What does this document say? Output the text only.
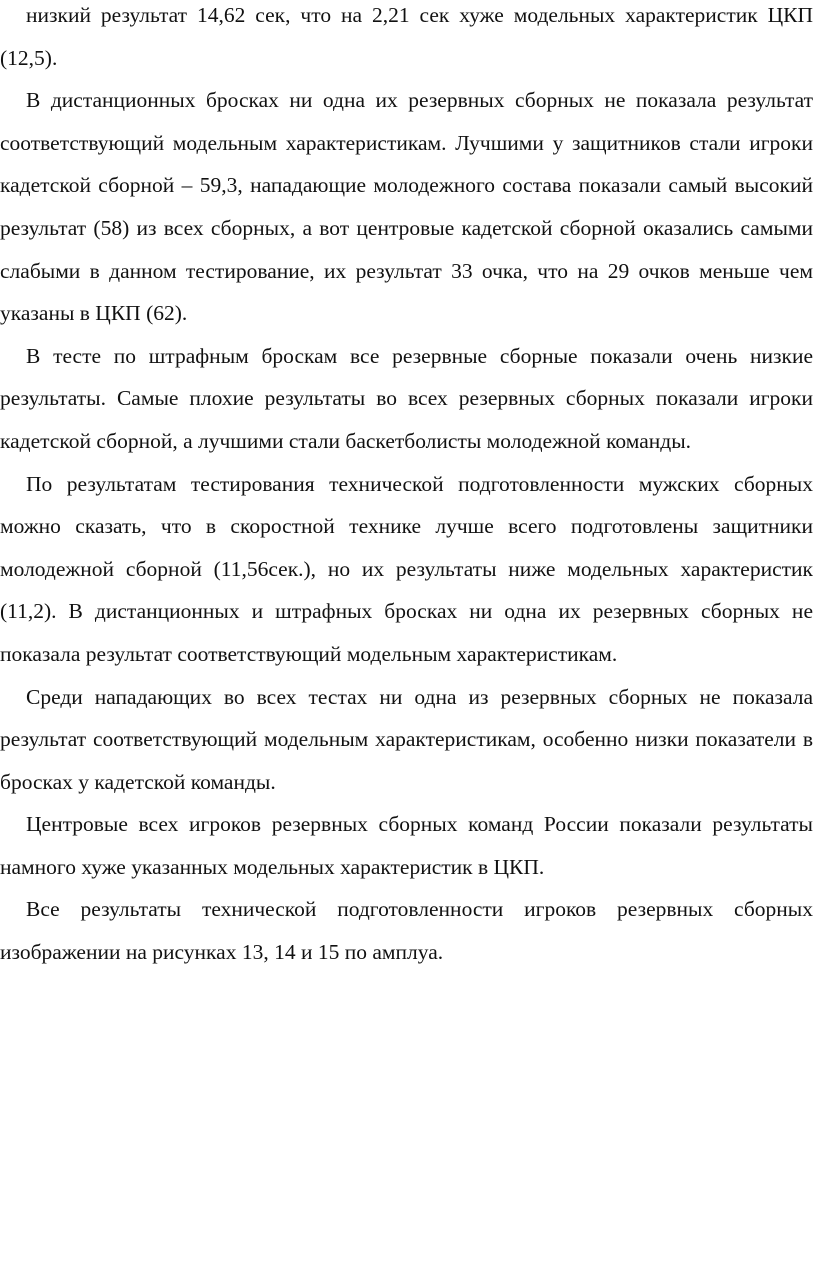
низкий результат 14,62 сек, что на 2,21 сек хуже модельных характеристик ЦКП (12,5).

В дистанционных бросках ни одна их резервных сборных не показала результат соответствующий модельным характеристикам. Лучшими у защитников стали игроки кадетской сборной – 59,3, нападающие молодежного состава показали самый высокий результат (58) из всех сборных, а вот центровые кадетской сборной оказались самыми слабыми в данном тестирование, их результат 33 очка, что на 29 очков меньше чем указаны в ЦКП (62).

В тесте по штрафным броскам все резервные сборные показали очень низкие результаты. Самые плохие результаты во всех резервных сборных показали игроки кадетской сборной, а лучшими стали баскетболисты молодежной команды.

По результатам тестирования технической подготовленности мужских сборных можно сказать, что в скоростной технике лучше всего подготовлены защитники молодежной сборной (11,56сек.), но их результаты ниже модельных характеристик (11,2). В дистанционных и штрафных бросках ни одна их резервных сборных не показала результат соответствующий модельным характеристикам.

Среди нападающих во всех тестах ни одна из резервных сборных не показала результат соответствующий модельным характеристикам, особенно низки показатели в бросках у кадетской команды.

Центровые всех игроков резервных сборных команд России показали результаты намного хуже указанных модельных характеристик в ЦКП.

Все результаты технической подготовленности игроков резервных сборных изображении на рисунках 13, 14 и 15 по амплуа.
